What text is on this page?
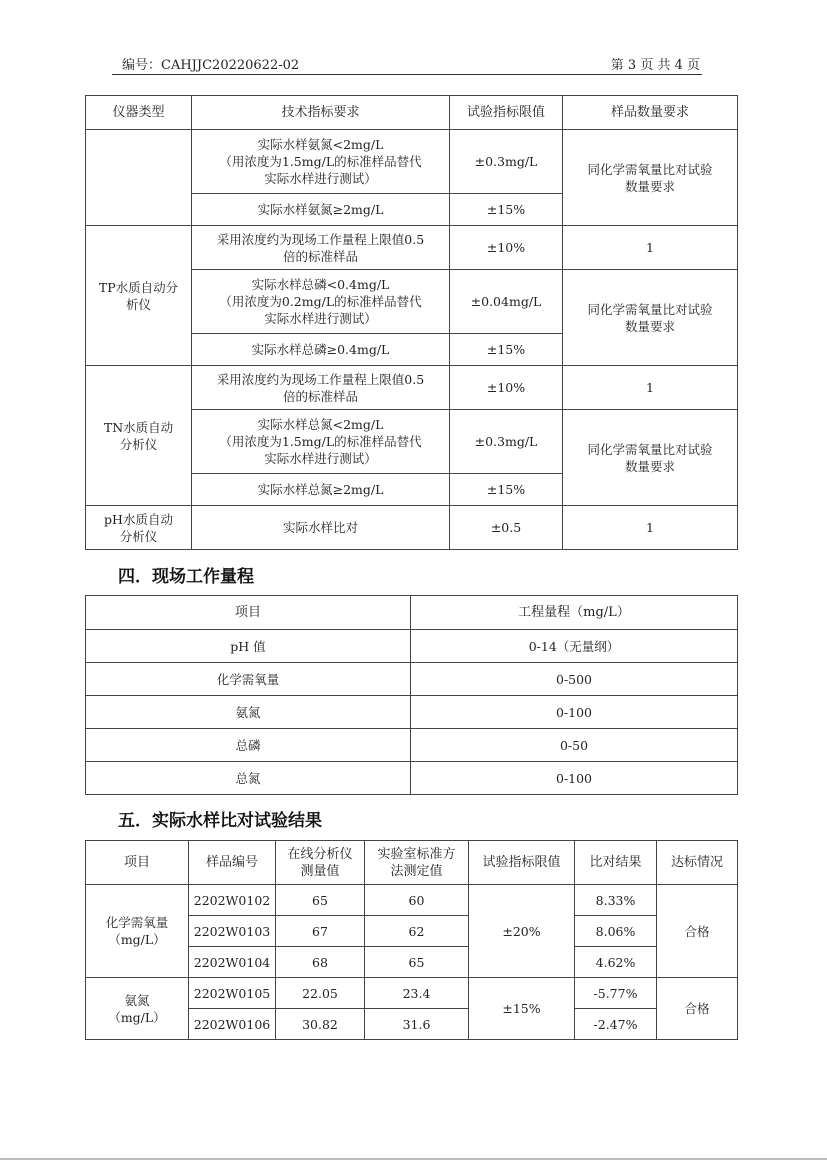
编号：CAHJJC20220622-02	第 3 页 共 4 页
仪器类型	技术指标要求	试验指标限值	样品数量要求
	实际水样氨氮<2mg/L
（用浓度为1.5mg/L的标准样品替代
实际水样进行测试）	±0.3mg/L	同化学需氧量比对试验
数量要求
	实际水样氨氮≥2mg/L	±15%	
TP水质自动分
析仪	采用浓度约为现场工作量程上限值0.5
倍的标准样品	±10%	1
	实际水样总磷<0.4mg/L
（用浓度为0.2mg/L的标准样品替代
实际水样进行测试）	±0.04mg/L	同化学需氧量比对试验
数量要求
	实际水样总磷≥0.4mg/L	±15%	
TN水质自动
分析仪	采用浓度约为现场工作量程上限值0.5
倍的标准样品	±10%	1
	实际水样总氮<2mg/L
（用浓度为1.5mg/L的标准样品替代
实际水样进行测试）	±0.3mg/L	同化学需氧量比对试验
数量要求
	实际水样总氮≥2mg/L	±15%	
pH水质自动
分析仪	实际水样比对	±0.5	1
四．现场工作量程
项目	工程量程（mg/L）
pH 值	0-14（无量纲）
化学需氧量	0-500
氨氮	0-100
总磷	0-50
总氮	0-100
五．实际水样比对试验结果
项目	样品编号	在线分析仪
测量值	实验室标准方
法测定值	试验指标限值	比对结果	达标情况
化学需氧量
（mg/L）	2202W0102	65	60	±20%	8.33%	合格
	2202W0103	67	62		8.06%	
	2202W0104	68	65		4.62%	
氨氮
（mg/L）	2202W0105	22.05	23.4	±15%	-5.77%	合格
	2202W0106	30.82	31.6		-2.47%	
